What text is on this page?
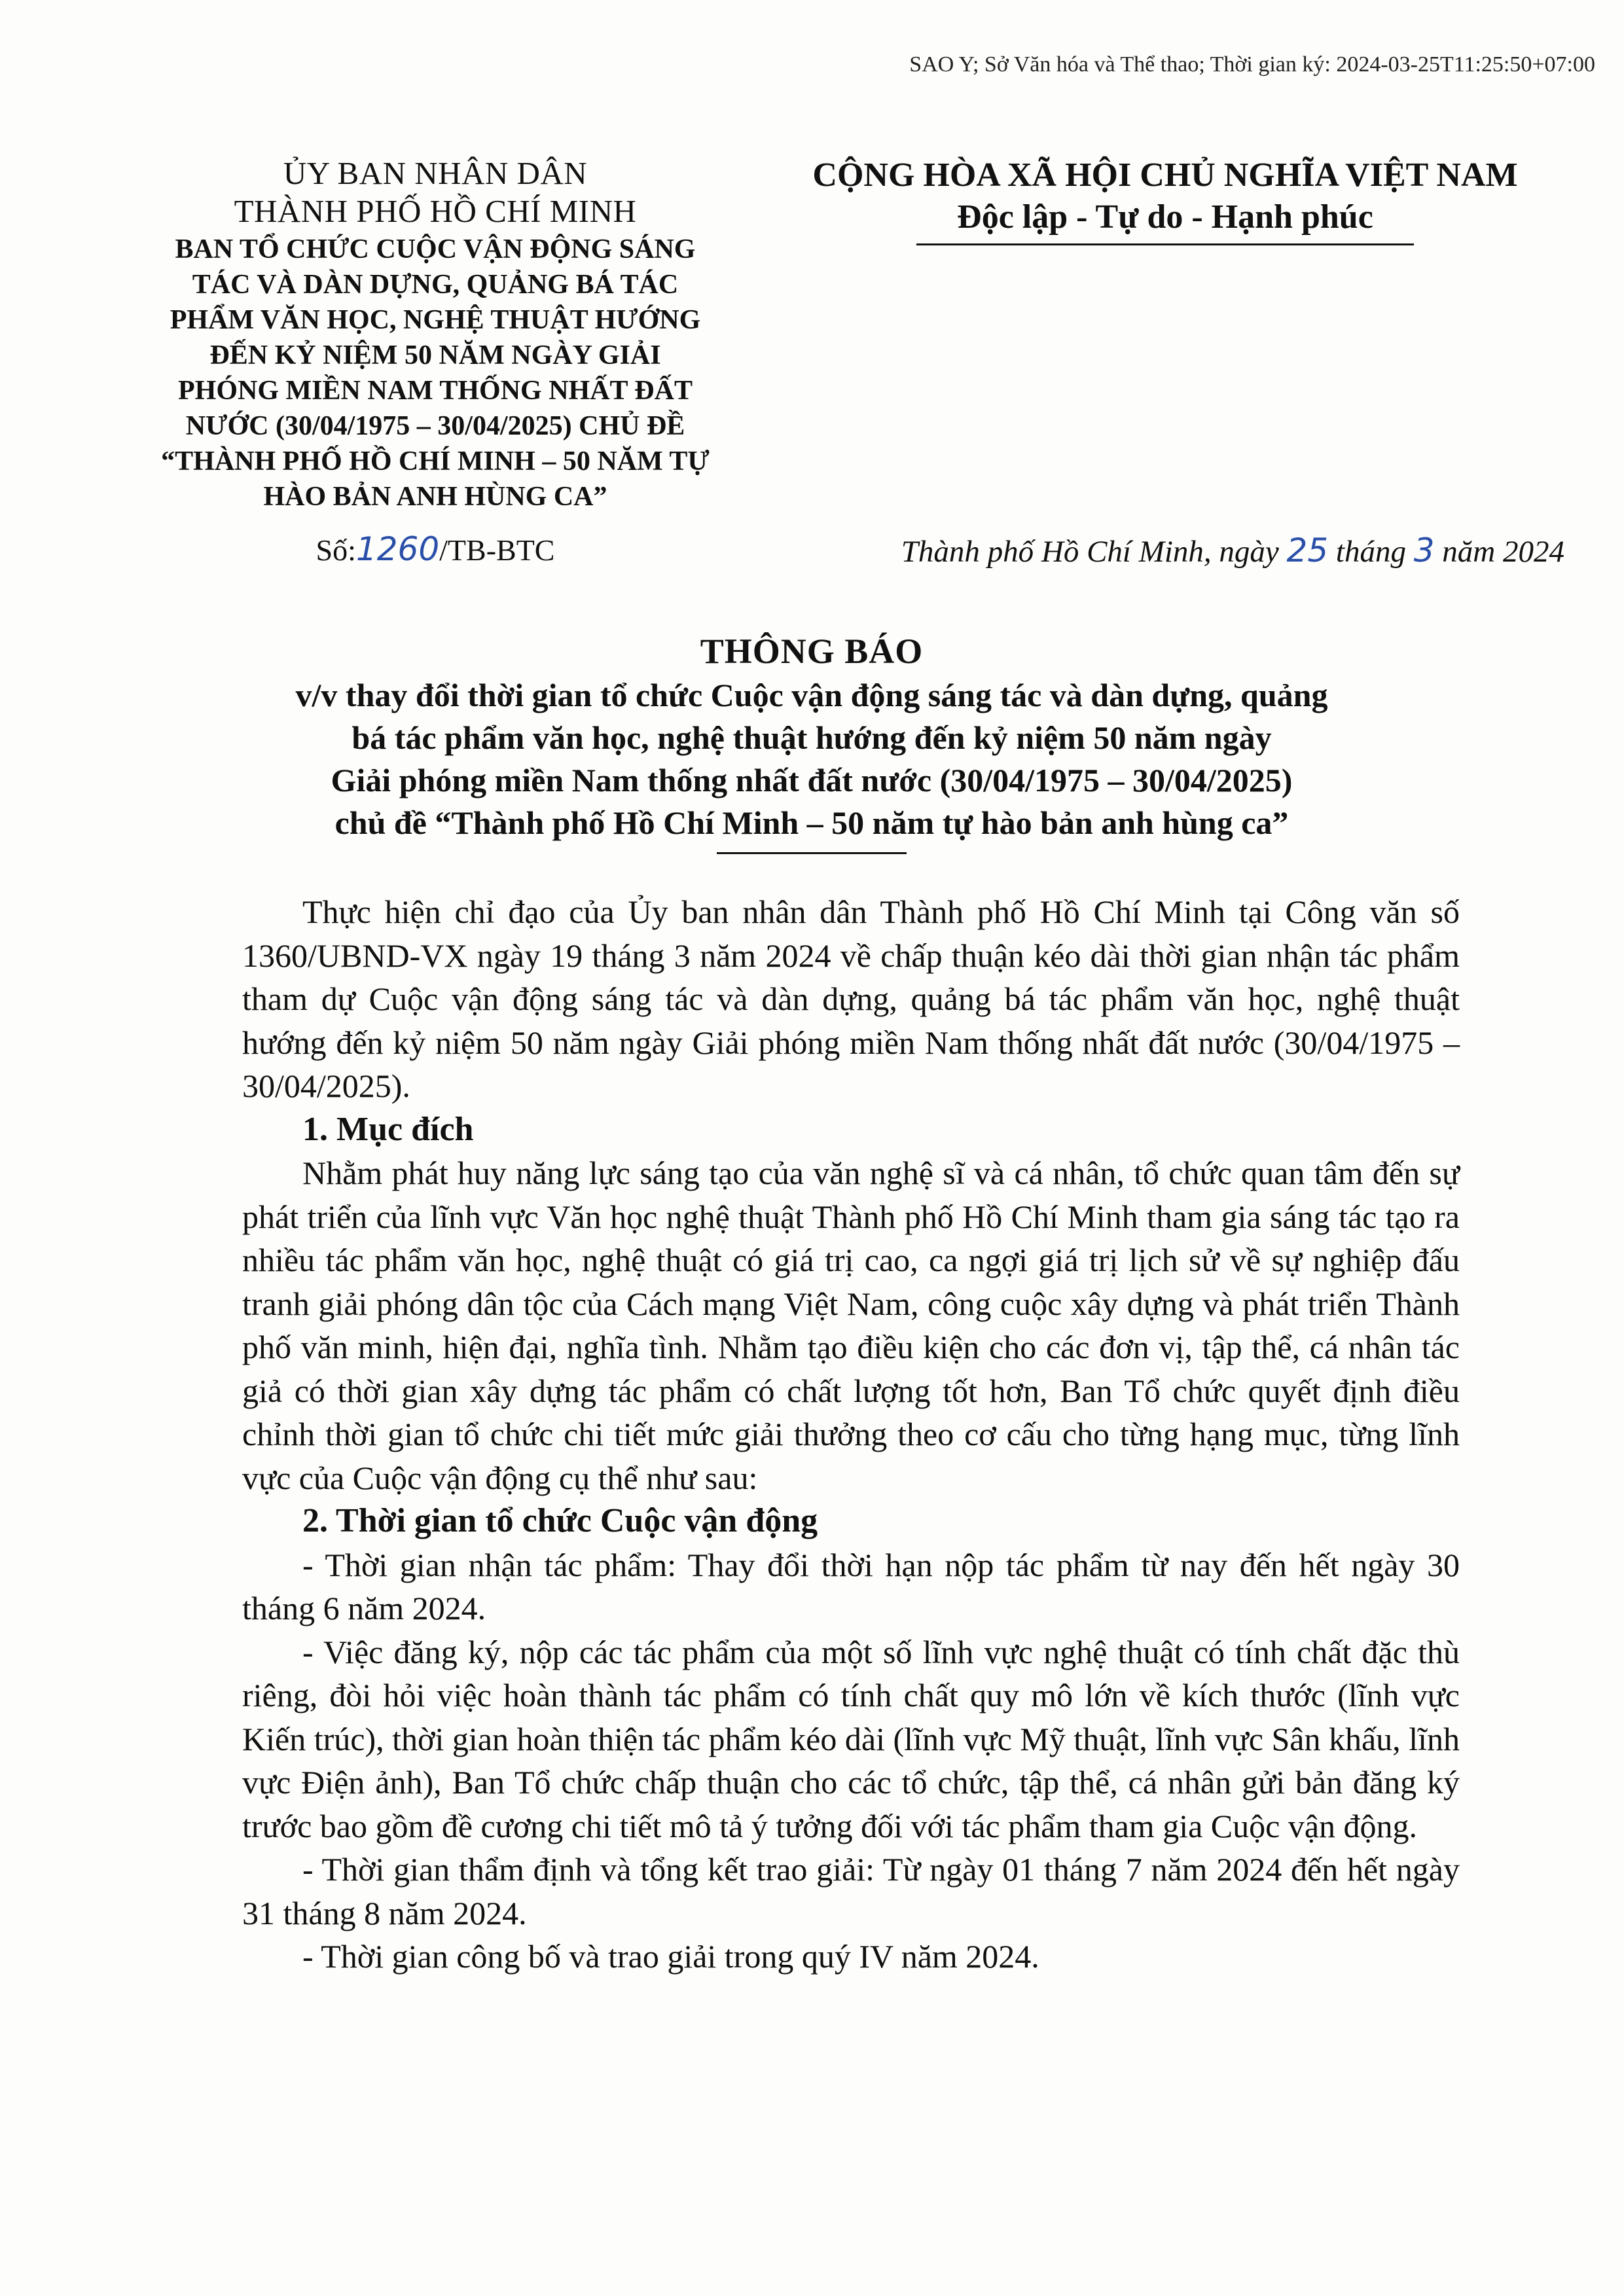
SAO Y; Sở Văn hóa và Thể thao; Thời gian ký: 2024-03-25T11:25:50+07:00
ỦY BAN NHÂN DÂN
THÀNH PHỐ HỒ CHÍ MINH
BAN TỔ CHỨC CUỘC VẬN ĐỘNG SÁNG
TÁC VÀ DÀN DỰNG, QUẢNG BÁ TÁC
PHẨM VĂN HỌC, NGHỆ THUẬT HƯỚNG
ĐẾN KỶ NIỆM 50 NĂM NGÀY GIẢI
PHÓNG MIỀN NAM THỐNG NHẤT ĐẤT
NƯỚC (30/04/1975 – 30/04/2025) CHỦ ĐỀ
“THÀNH PHỐ HỒ CHÍ MINH – 50 NĂM TỰ
HÀO BẢN ANH HÙNG CA”
CỘNG HÒA XÃ HỘI CHỦ NGHĨA VIỆT NAM
Độc lập - Tự do - Hạnh phúc
Số:1260/TB-BTC	Thành phố Hồ Chí Minh, ngày 25 tháng 3 năm 2024
THÔNG BÁO

v/v thay đổi thời gian tổ chức Cuộc vận động sáng tác và dàn dựng, quảng

bá tác phẩm văn học, nghệ thuật hướng đến kỷ niệm 50 năm ngày

Giải phóng miền Nam thống nhất đất nước (30/04/1975 – 30/04/2025)

chủ đề “Thành phố Hồ Chí Minh – 50 năm tự hào bản anh hùng ca”

Thực hiện chỉ đạo của Ủy ban nhân dân Thành phố Hồ Chí Minh tại Công văn số 1360/UBND-VX ngày 19 tháng 3 năm 2024 về chấp thuận kéo dài thời gian nhận tác phẩm tham dự Cuộc vận động sáng tác và dàn dựng, quảng bá tác phẩm văn học, nghệ thuật hướng đến kỷ niệm 50 năm ngày Giải phóng miền Nam thống nhất đất nước (30/04/1975 – 30/04/2025).

1. Mục đích

Nhằm phát huy năng lực sáng tạo của văn nghệ sĩ và cá nhân, tổ chức quan tâm đến sự phát triển của lĩnh vực Văn học nghệ thuật Thành phố Hồ Chí Minh tham gia sáng tác tạo ra nhiều tác phẩm văn học, nghệ thuật có giá trị cao, ca ngợi giá trị lịch sử về sự nghiệp đấu tranh giải phóng dân tộc của Cách mạng Việt Nam, công cuộc xây dựng và phát triển Thành phố văn minh, hiện đại, nghĩa tình. Nhằm tạo điều kiện cho các đơn vị, tập thể, cá nhân tác giả có thời gian xây dựng tác phẩm có chất lượng tốt hơn, Ban Tổ chức quyết định điều chỉnh thời gian tổ chức chi tiết mức giải thưởng theo cơ cấu cho từng hạng mục, từng lĩnh vực của Cuộc vận động cụ thể như sau:

2. Thời gian tổ chức Cuộc vận động

- Thời gian nhận tác phẩm: Thay đổi thời hạn nộp tác phẩm từ nay đến hết ngày 30 tháng 6 năm 2024.

- Việc đăng ký, nộp các tác phẩm của một số lĩnh vực nghệ thuật có tính chất đặc thù riêng, đòi hỏi việc hoàn thành tác phẩm có tính chất quy mô lớn về kích thước (lĩnh vực Kiến trúc), thời gian hoàn thiện tác phẩm kéo dài (lĩnh vực Mỹ thuật, lĩnh vực Sân khấu, lĩnh vực Điện ảnh), Ban Tổ chức chấp thuận cho các tổ chức, tập thể, cá nhân gửi bản đăng ký trước bao gồm đề cương chi tiết mô tả ý tưởng đối với tác phẩm tham gia Cuộc vận động.

- Thời gian thẩm định và tổng kết trao giải: Từ ngày 01 tháng 7 năm 2024 đến hết ngày 31 tháng 8 năm 2024.

- Thời gian công bố và trao giải trong quý IV năm 2024.
